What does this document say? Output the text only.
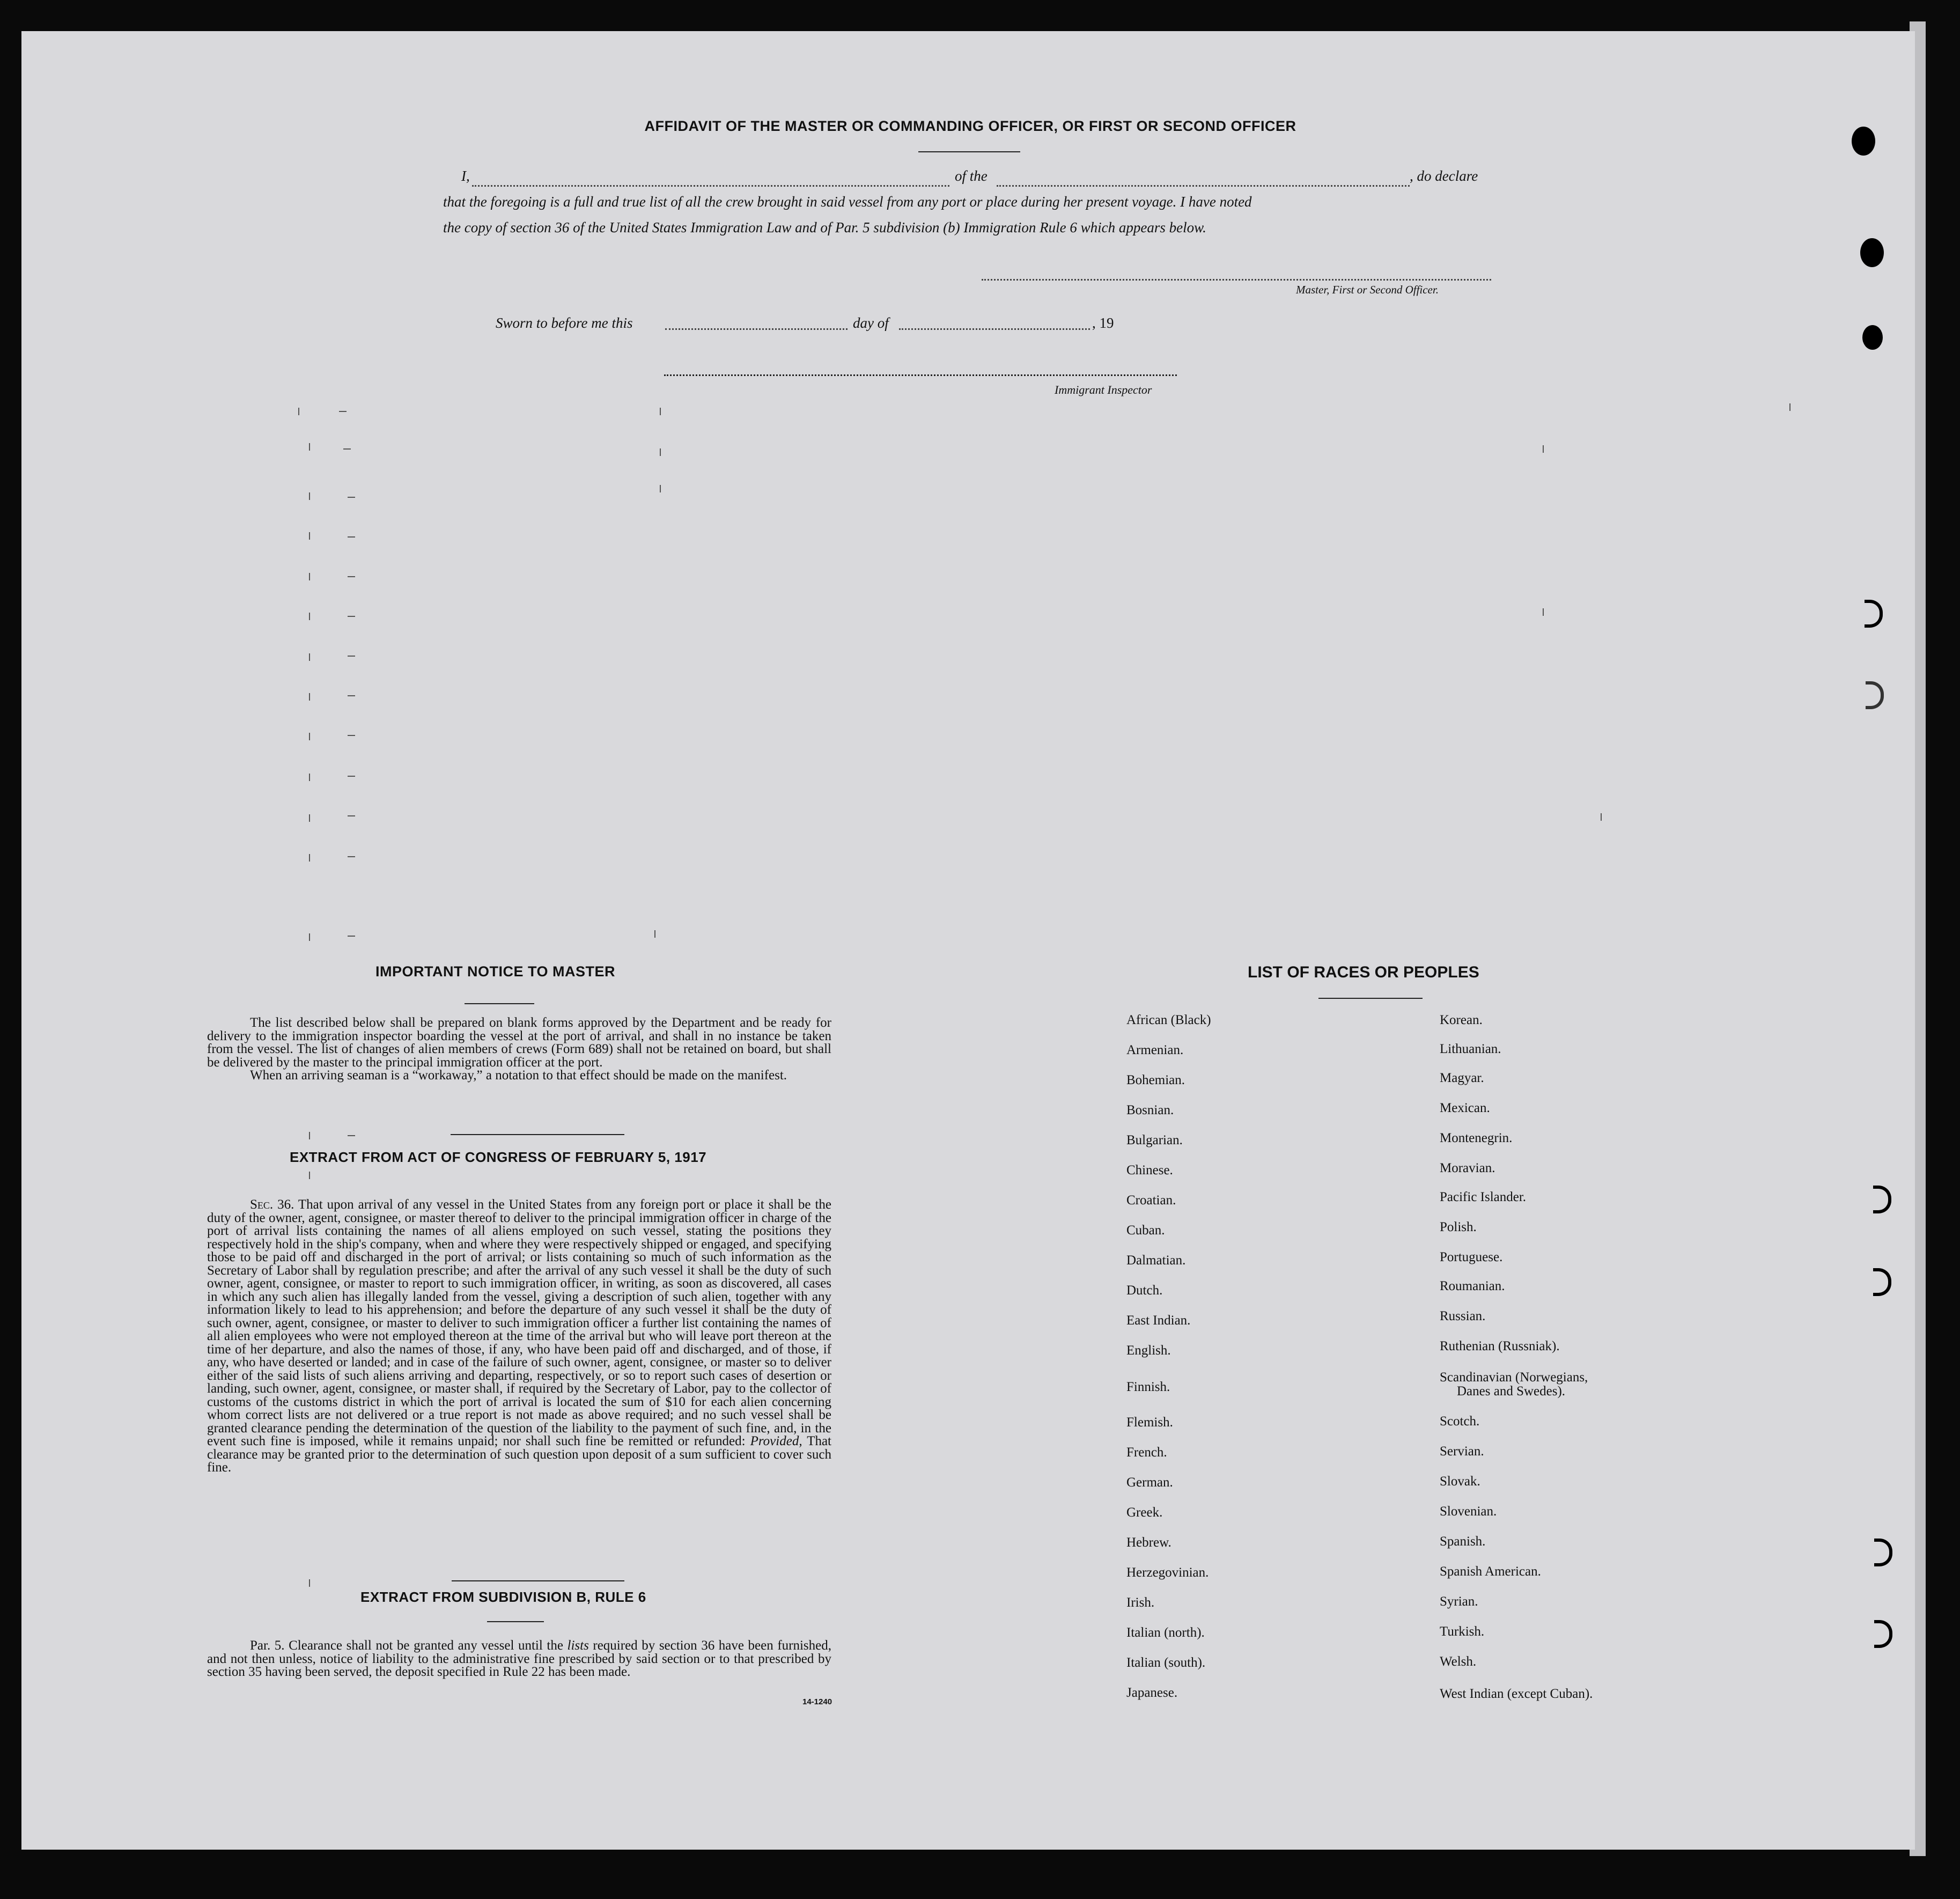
AFFIDAVIT OF THE MASTER OR COMMANDING OFFICER, OR FIRST OR SECOND OFFICER
I,	of the	, do declare
that the foregoing is a full and true list of all the crew brought in said vessel from any port or place during her present voyage. I have noted
the copy of section 36 of the United States Immigration Law and of Par. 5 subdivision (b) Immigration Rule 6 which appears below.
Master, First or Second Officer.
Sworn to before me this	day of	, 19
Immigrant Inspector
IMPORTANT NOTICE TO MASTER

The list described below shall be prepared on blank forms approved by the Department and be ready for delivery to the immigration inspector boarding the vessel at the port of arrival, and shall in no instance be taken from the vessel. The list of changes of alien members of crews (Form 689) shall not be retained on board, but shall be delivered by the master to the principal immigration officer at the port.

When an arriving seaman is a “workaway,” a notation to that effect should be made on the manifest.

EXTRACT FROM ACT OF CONGRESS OF FEBRUARY 5, 1917

Sec. 36. That upon arrival of any vessel in the United States from any foreign port or place it shall be the duty of the owner, agent, consignee, or master thereof to deliver to the principal immigration officer in charge of the port of arrival lists containing the names of all aliens employed on such vessel, stating the positions they respectively hold in the ship's company, when and where they were respectively shipped or engaged, and specifying those to be paid off and discharged in the port of arrival; or lists containing so much of such information as the Secretary of Labor shall by regulation prescribe; and after the arrival of any such vessel it shall be the duty of such owner, agent, consignee, or master to report to such immigration officer, in writing, as soon as discovered, all cases in which any such alien has illegally landed from the vessel, giving a description of such alien, together with any information likely to lead to his apprehension; and before the departure of any such vessel it shall be the duty of such owner, agent, consignee, or master to deliver to such immigration officer a further list containing the names of all alien employees who were not employed thereon at the time of the arrival but who will leave port thereon at the time of her departure, and also the names of those, if any, who have been paid off and discharged, and of those, if any, who have deserted or landed; and in case of the failure of such owner, agent, consignee, or master so to deliver either of the said lists of such aliens arriving and departing, respectively, or so to report such cases of desertion or landing, such owner, agent, consignee, or master shall, if required by the Secretary of Labor, pay to the collector of customs of the customs district in which the port of arrival is located the sum of $10 for each alien concerning whom correct lists are not delivered or a true report is not made as above required; and no such vessel shall be granted clearance pending the determination of the question of the liability to the payment of such fine, and, in the event such fine is imposed, while it remains unpaid; nor shall such fine be remitted or refunded: Provided, That clearance may be granted prior to the determination of such question upon deposit of a sum sufficient to cover such fine.

EXTRACT FROM SUBDIVISION B, RULE 6

Par. 5. Clearance shall not be granted any vessel until the lists required by section 36 have been furnished, and not then unless, notice of liability to the administrative fine prescribed by said section or to that prescribed by section 35 having been served, the deposit specified in Rule 22 has been made.

14-1240
LIST OF RACES OR PEOPLES
African (Black)
Armenian.
Bohemian.
Bosnian.
Bulgarian.
Chinese.
Croatian.
Cuban.
Dalmatian.
Dutch.
East Indian.
English.
Finnish.
Flemish.
French.
German.
Greek.
Hebrew.
Herzegovinian.
Irish.
Italian (north).
Italian (south).
Japanese.
Korean.
Lithuanian.
Magyar.
Mexican.
Montenegrin.
Moravian.
Pacific Islander.
Polish.
Portuguese.
Roumanian.
Russian.
Ruthenian (Russniak).
Scandinavian (Norwegians,
Danes and Swedes).
Scotch.
Servian.
Slovak.
Slovenian.
Spanish.
Spanish American.
Syrian.
Turkish.
Welsh.
West Indian (except Cuban).
